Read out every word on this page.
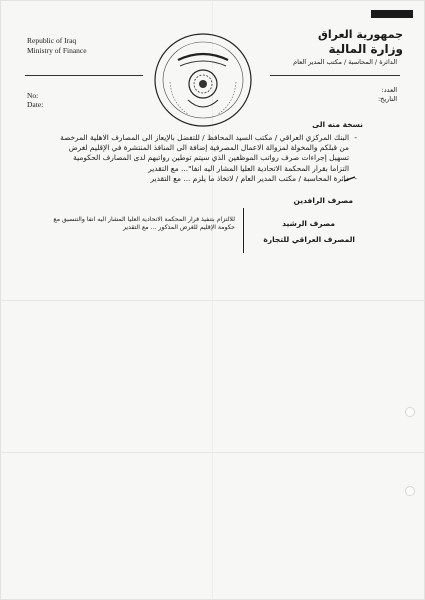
Republic of Iraq
Ministry of Finance
جمهورية العراق
وزارة المالية
الدائرة / المحاسبة / مكتب المدير العام
No:
Date:
العدد:
التاريخ:
نسخة منه الى
- البنك المركزي العراقي / مكتب السيد المحافظ / للتفضل بالإيعاز الى المصارف الاهلية المرخصة من قبلكم والمخولة لمزوالة الاعمال المصرفية إضافة الى المنافذ المنتشرة في الإقليم لغرض تسهيل إجراءات صرف رواتب الموظفين الذي سيتم توطين رواتبهم لدى المصارف الحكومية التزاما بقرار المحكمة الاتحادية العليا المشار اليه انفا"... مع التقدير
- دائرة المحاسبة / مكتب المدير العام / لاتخاذ ما يلزم ... مع التقدير
مصرف الرافدين
مصرف الرشيد
المصرف العراقي للتجارة
للالتزام بتنفيذ قرار المحكمة الاتحادية العليا المشار اليه انفا والتنسيق مع حكومة الإقليم للغرض المذكور ... مع التقدير
